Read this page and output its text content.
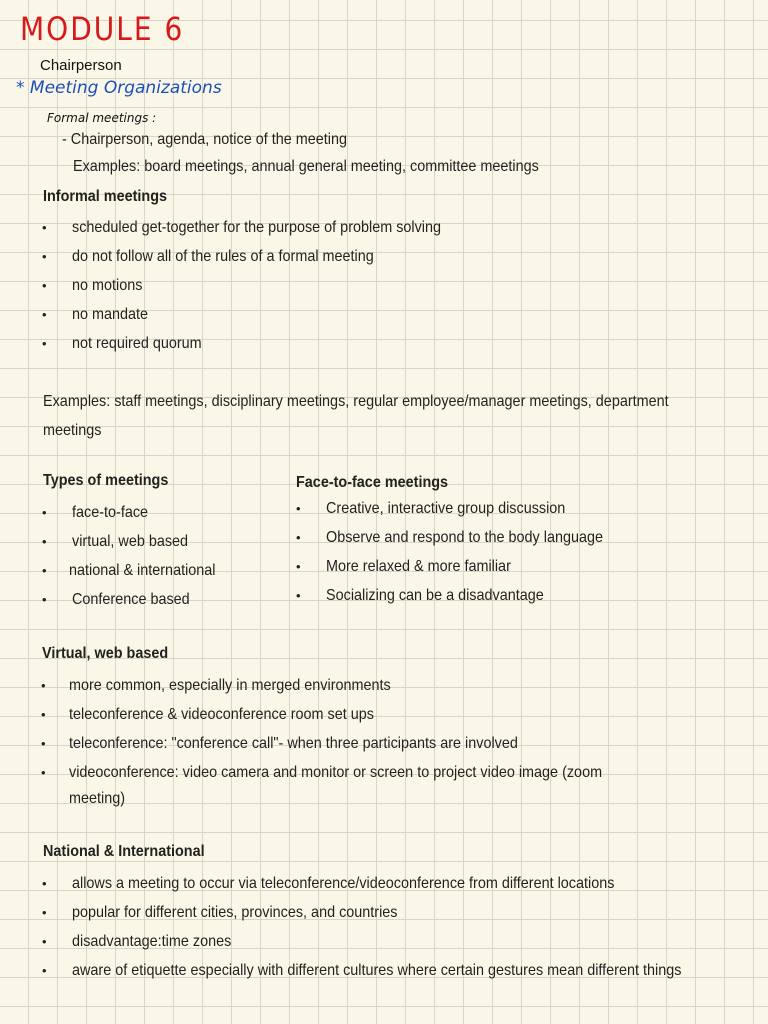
MODULE 6
Chairperson
* Meeting Organizations
Formal meetings :
- Chairperson, agenda, notice of the meeting
Examples: board meetings, annual general meeting, committee meetings
Informal meetings
• scheduled get-together for the purpose of problem solving
• do not follow all of the rules of a formal meeting
• no motions
• no mandate
• not required quorum
Examples: staff meetings, disciplinary meetings, regular employee/manager meetings, department
meetings
Types of meetings
• face-to-face
• virtual, web based
• national & international
• Conference based
Face-to-face meetings
• Creative, interactive group discussion
• Observe and respond to the body language
• More relaxed & more familiar
• Socializing can be a disadvantage
Virtual, web based
• more common, especially in merged environments
• teleconference & videoconference room set ups
• teleconference: "conference call"- when three participants are involved
• videoconference: video camera and monitor or screen to project video image (zoom
meeting)
National & International
• allows a meeting to occur via teleconference/videoconference from different locations
• popular for different cities, provinces, and countries
• disadvantage:time zones
• aware of etiquette especially with different cultures where certain gestures mean different things
